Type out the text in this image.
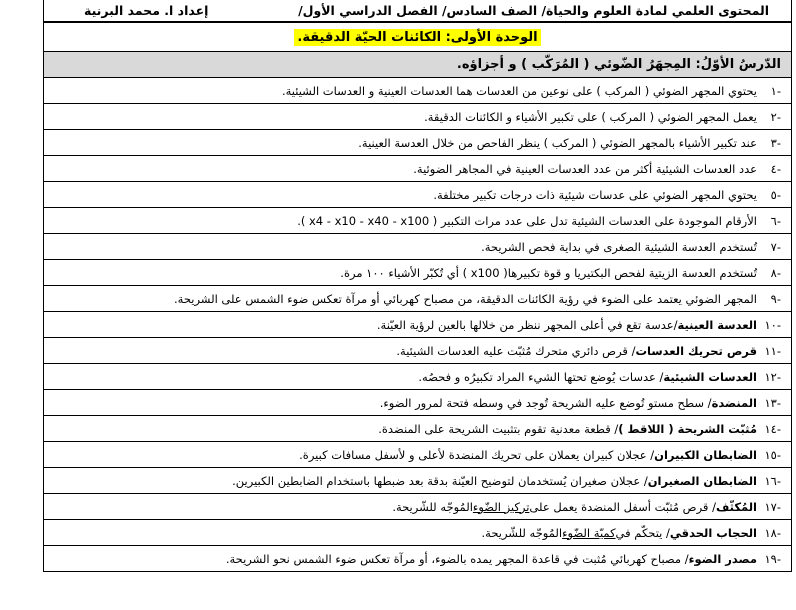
المحتوى العلمي لمادة العلوم والحياة/ الصف السادس/ الفصل الدراسي الأول/
إعداد ا. محمد البرنية
الوحدة الأولى: الكائنات الحيّة الدقيقة.
الدّرسُ الأوّلُ: المِجهَرُ الضّوئي ( المُرَكّب ) و أجزاؤه.
-١
يحتوي المجهر الضوئي ( المركب ) على نوعين من العدسات هما العدسات العينية و العدسات الشيئية.
-٢
يعمل المجهر الضوئي ( المركب ) على تكبير الأشياء و الكائنات الدقيقة.
-٣
عند تكبير الأشياء بالمجهر الضوئي ( المركب ) ينظر الفاحص من خلال العدسة العينية.
-٤
عدد العدسات الشيئية أكثر من عدد العدسات العينية في المجاهر الضوئية.
-٥
يحتوي المجهر الضوئي على عدسات شيئية ذات درجات تكبير مختلفة.
-٦
الأرقام الموجودة على العدسات الشيئية تدل على عدد مرات التكبير ( x4 - x10 - x40 - x100 ).
-٧
تُستخدم العدسة الشيئية الصغرى في بداية فحص الشريحة.
-٨
تُستخدم العدسة الزيتية لفحص البكتيريا و قوة تكبيرها( x100 ) أي تُكبّر الأشياء ١٠٠ مرة.
-٩
المجهر الضوئي يعتمد على الضوء في رؤية الكائنات الدقيقة، من مصباح كهربائي أو مرآة تعكس ضوء الشمس على الشريحة.
-١٠
العدسة العينية
/عدسة تقع في أعلى المجهر ننظر من خلالها بالعين لرؤية العيّنة.
-١١
قرص تحريك العدسات
/ قرص دائري متحرك مُثبّت عليه العدسات الشيئية.
-١٢
العدسات الشيئية
/ عدسات يُوضع تحتها الشيء المراد تكبيرُه و فحصُه.
-١٣
المنضدة
/ سطح مستو تُوضع عليه الشريحة تُوجد في وسطه فتحة لمرور الضوء.
-١٤
مُثبّت الشريحة ( اللاقط )
/ قطعة معدنية تقوم بتثبيت الشريحة على المنضدة.
-١٥
الضابطان الكبيران
/ عجلان كبيران يعملان على تحريك المنضدة لأعلى و لأسفل مسافات كبيرة.
-١٦
الضابطان الصغيران
/ عجلان صغيران يُستخدمان لتوضيح العيّنة بدقة بعد ضبطها باستخدام الضابطين الكبيرين.
-١٧
المُكثّف
/ قرص مُثبّت أسفل المنضدة يعمل على
تركيز الضّوء
المُوجّه للشّريحة.
-١٨
الحجاب الحدقي
/ يتحكّم في
كميّة الضّوء
المُوجّه للشّريحة.
-١٩
مصدر الضوء
/ مصباح كهربائي مُثبت في قاعدة المجهر يمده بالضوء، أو مرآة تعكس ضوء الشمس نحو الشريحة.
